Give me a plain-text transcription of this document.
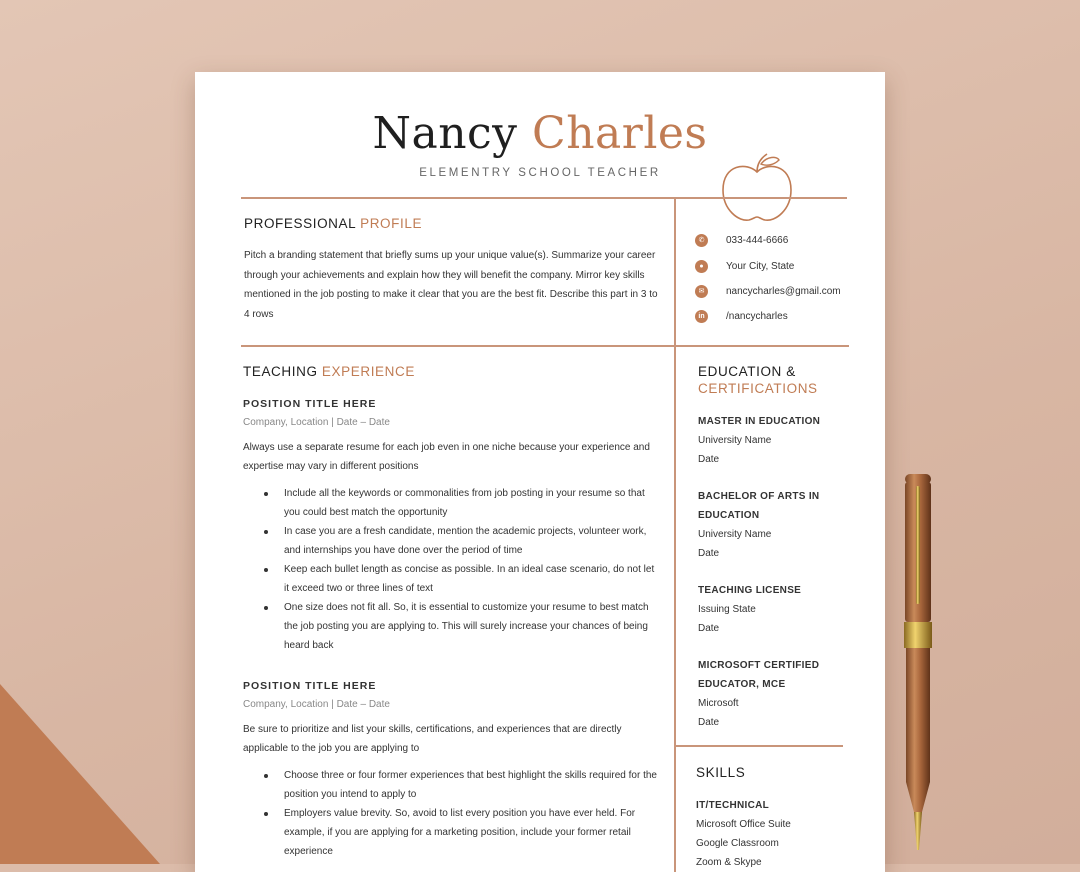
Nancy Charles
ELEMENTRY SCHOOL TEACHER
PROFESSIONAL PROFILE
Pitch a branding statement that briefly sums up your unique value(s). Summarize your career through your achievements and explain how they will benefit the company. Mirror key skills mentioned in the job posting to make it clear that you are the best fit. Describe this part in 3 to 4 rows
✆	033-444-6666
●	Your City, State
✉	nancycharles@gmail.com
in	/nancycharles
TEACHING EXPERIENCE
POSITION TITLE HERE
Company, Location | Date – Date
Always use a separate resume for each job even in one niche because your experience and expertise may vary in different positions
Include all the keywords or commonalities from job posting in your resume so that you could best match the opportunity
In case you are a fresh candidate, mention the academic projects, volunteer work, and internships you have done over the period of time
Keep each bullet length as concise as possible. In an ideal case scenario, do not let it exceed two or three lines of text
One size does not fit all. So, it is essential to customize your resume to best match the job posting you are applying to. This will surely increase your chances of being heard back
POSITION TITLE HERE
Company, Location | Date – Date
Be sure to prioritize and list your skills, certifications, and experiences that are directly applicable to the job you are applying to
Choose three or four former experiences that best highlight the skills required for the position you intend to apply to
Employers value brevity. So, avoid to list every position you have ever held. For example, if you are applying for a marketing position, include your former retail experience
EDUCATION &
CERTIFICATIONS
MASTER IN EDUCATION
University Name
Date
BACHELOR OF ARTS IN
EDUCATION
University Name
Date
TEACHING LICENSE
Issuing State
Date
MICROSOFT CERTIFIED
EDUCATOR, MCE
Microsoft
Date
SKILLS
IT/TECHNICAL
Microsoft Office Suite
Google Classroom
Zoom & Skype
